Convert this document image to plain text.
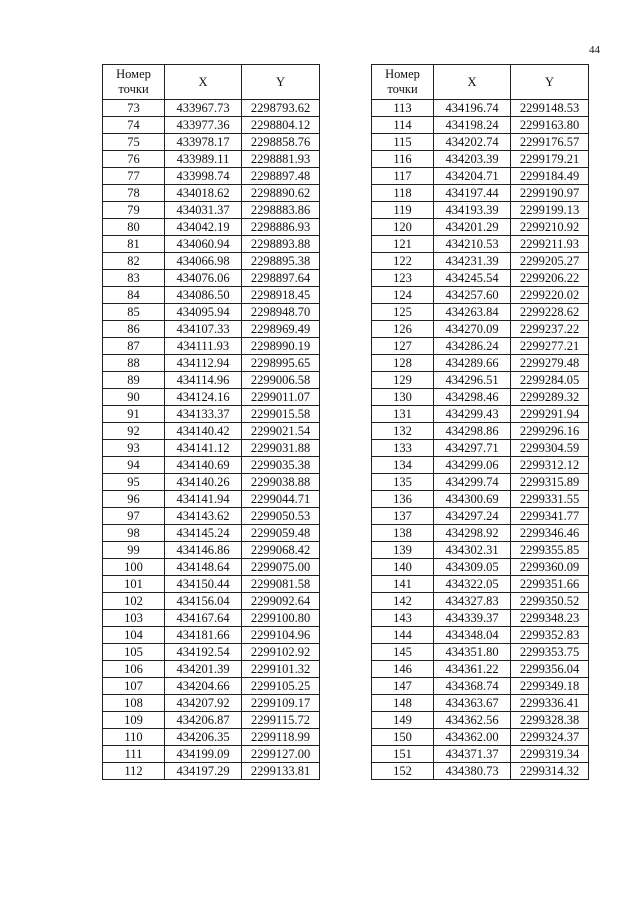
44
Номер
точки	X	Y
73	433967.73	2298793.62
74	433977.36	2298804.12
75	433978.17	2298858.76
76	433989.11	2298881.93
77	433998.74	2298897.48
78	434018.62	2298890.62
79	434031.37	2298883.86
80	434042.19	2298886.93
81	434060.94	2298893.88
82	434066.98	2298895.38
83	434076.06	2298897.64
84	434086.50	2298918.45
85	434095.94	2298948.70
86	434107.33	2298969.49
87	434111.93	2298990.19
88	434112.94	2298995.65
89	434114.96	2299006.58
90	434124.16	2299011.07
91	434133.37	2299015.58
92	434140.42	2299021.54
93	434141.12	2299031.88
94	434140.69	2299035.38
95	434140.26	2299038.88
96	434141.94	2299044.71
97	434143.62	2299050.53
98	434145.24	2299059.48
99	434146.86	2299068.42
100	434148.64	2299075.00
101	434150.44	2299081.58
102	434156.04	2299092.64
103	434167.64	2299100.80
104	434181.66	2299104.96
105	434192.54	2299102.92
106	434201.39	2299101.32
107	434204.66	2299105.25
108	434207.92	2299109.17
109	434206.87	2299115.72
110	434206.35	2299118.99
111	434199.09	2299127.00
112	434197.29	2299133.81
Номер
точки	X	Y
113	434196.74	2299148.53
114	434198.24	2299163.80
115	434202.74	2299176.57
116	434203.39	2299179.21
117	434204.71	2299184.49
118	434197.44	2299190.97
119	434193.39	2299199.13
120	434201.29	2299210.92
121	434210.53	2299211.93
122	434231.39	2299205.27
123	434245.54	2299206.22
124	434257.60	2299220.02
125	434263.84	2299228.62
126	434270.09	2299237.22
127	434286.24	2299277.21
128	434289.66	2299279.48
129	434296.51	2299284.05
130	434298.46	2299289.32
131	434299.43	2299291.94
132	434298.86	2299296.16
133	434297.71	2299304.59
134	434299.06	2299312.12
135	434299.74	2299315.89
136	434300.69	2299331.55
137	434297.24	2299341.77
138	434298.92	2299346.46
139	434302.31	2299355.85
140	434309.05	2299360.09
141	434322.05	2299351.66
142	434327.83	2299350.52
143	434339.37	2299348.23
144	434348.04	2299352.83
145	434351.80	2299353.75
146	434361.22	2299356.04
147	434368.74	2299349.18
148	434363.67	2299336.41
149	434362.56	2299328.38
150	434362.00	2299324.37
151	434371.37	2299319.34
152	434380.73	2299314.32
